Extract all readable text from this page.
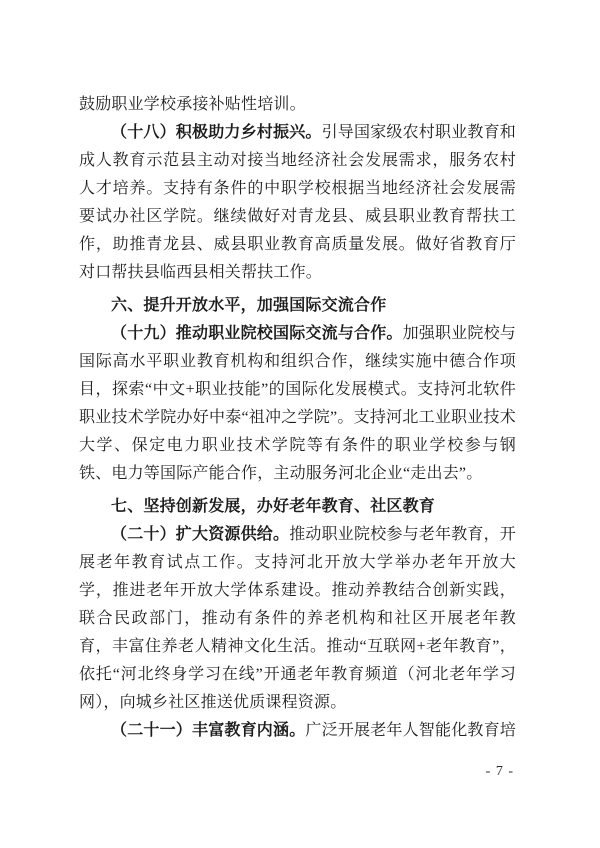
鼓励职业学校承接补贴性培训。

（十八）积极助力乡村振兴。引导国家级农村职业教育和成人教育示范县主动对接当地经济社会发展需求，服务农村人才培养。支持有条件的中职学校根据当地经济社会发展需要试办社区学院。继续做好对青龙县、威县职业教育帮扶工作，助推青龙县、威县职业教育高质量发展。做好省教育厅对口帮扶县临西县相关帮扶工作。

六、提升开放水平，加强国际交流合作

（十九）推动职业院校国际交流与合作。加强职业院校与国际高水平职业教育机构和组织合作，继续实施中德合作项目，探索“中文+职业技能”的国际化发展模式。支持河北软件职业技术学院办好中泰“祖冲之学院”。支持河北工业职业技术大学、保定电力职业技术学院等有条件的职业学校参与钢铁、电力等国际产能合作，主动服务河北企业“走出去”。

七、坚持创新发展，办好老年教育、社区教育

（二十）扩大资源供给。推动职业院校参与老年教育，开展老年教育试点工作。支持河北开放大学举办老年开放大学，推进老年开放大学体系建设。推动养教结合创新实践，联合民政部门，推动有条件的养老机构和社区开展老年教育，丰富住养老人精神文化生活。推动“互联网+老年教育”，依托“河北终身学习在线”开通老年教育频道（河北老年学习网），向城乡社区推送优质课程资源。

（二十一）丰富教育内涵。广泛开展老年人智能化教育培

- 7 -
